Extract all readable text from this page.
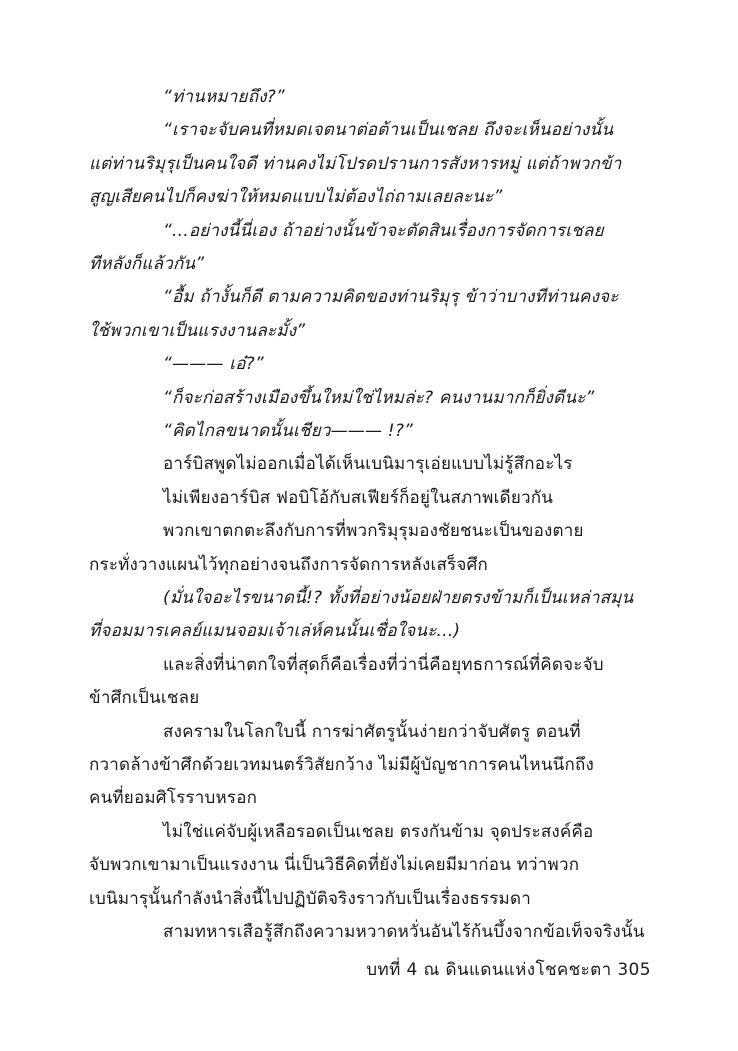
“ท่านหมายถึง?”
“เราจะจับคนที่หมดเจตนาต่อต้านเป็นเชลย ถึงจะเห็นอย่างนั้น
แต่ท่านริมุรุเป็นคนใจดี ท่านคงไม่โปรดปรานการสังหารหมู่ แต่ถ้าพวกข้า
สูญเสียคนไปก็คงฆ่าให้หมดแบบไม่ต้องไถ่ถามเลยละนะ”
“...อย่างนี้นี่เอง ถ้าอย่างนั้นข้าจะตัดสินเรื่องการจัดการเชลย
ทีหลังก็แล้วกัน”
“อื้ม ถ้างั้นก็ดี ตามความคิดของท่านริมุรุ ข้าว่าบางทีท่านคงจะ
ใช้พวกเขาเป็นแรงงานละมั้ง”
“——— เอ๋?”
“ก็จะก่อสร้างเมืองขึ้นใหม่ใช่ไหมล่ะ? คนงานมากก็ยิ่งดีนะ”
“คิดไกลขนาดนั้นเชียว——— !?”
อาร์บิสพูดไม่ออกเมื่อได้เห็นเบนิมารุเอ่ยแบบไม่รู้สึกอะไร
ไม่เพียงอาร์บิส ฟอบิโอ้กับสเฟียร์ก็อยู่ในสภาพเดียวกัน
พวกเขาตกตะลึงกับการที่พวกริมุรุมองชัยชนะเป็นของตาย
กระทั่งวางแผนไว้ทุกอย่างจนถึงการจัดการหลังเสร็จศึก
(มั่นใจอะไรขนาดนี้!? ทั้งที่อย่างน้อยฝ่ายตรงข้ามก็เป็นเหล่าสมุน
ที่จอมมารเคลย์แมนจอมเจ้าเล่ห์คนนั้นเชื่อใจนะ...)
และสิ่งที่น่าตกใจที่สุดก็คือเรื่องที่ว่านี่คือยุทธการณ์ที่คิดจะจับ
ข้าศึกเป็นเชลย
สงครามในโลกใบนี้ การฆ่าศัตรูนั้นง่ายกว่าจับศัตรู ตอนที่
กวาดล้างข้าศึกด้วยเวทมนตร์วิสัยกว้าง ไม่มีผู้บัญชาการคนไหนนึกถึง
คนที่ยอมศิโรราบหรอก
ไม่ใช่แค่จับผู้เหลือรอดเป็นเชลย ตรงกันข้าม จุดประสงค์คือ
จับพวกเขามาเป็นแรงงาน นี่เป็นวิธีคิดที่ยังไม่เคยมีมาก่อน ทว่าพวก
เบนิมารุนั้นกำลังนำสิ่งนี้ไปปฏิบัติจริงราวกับเป็นเรื่องธรรมดา
สามทหารเสือรู้สึกถึงความหวาดหวั่นอันไร้ก้นบึ้งจากข้อเท็จจริงนั้น
บทที่ 4 ณ ดินแดนแห่งโชคชะตา 305
